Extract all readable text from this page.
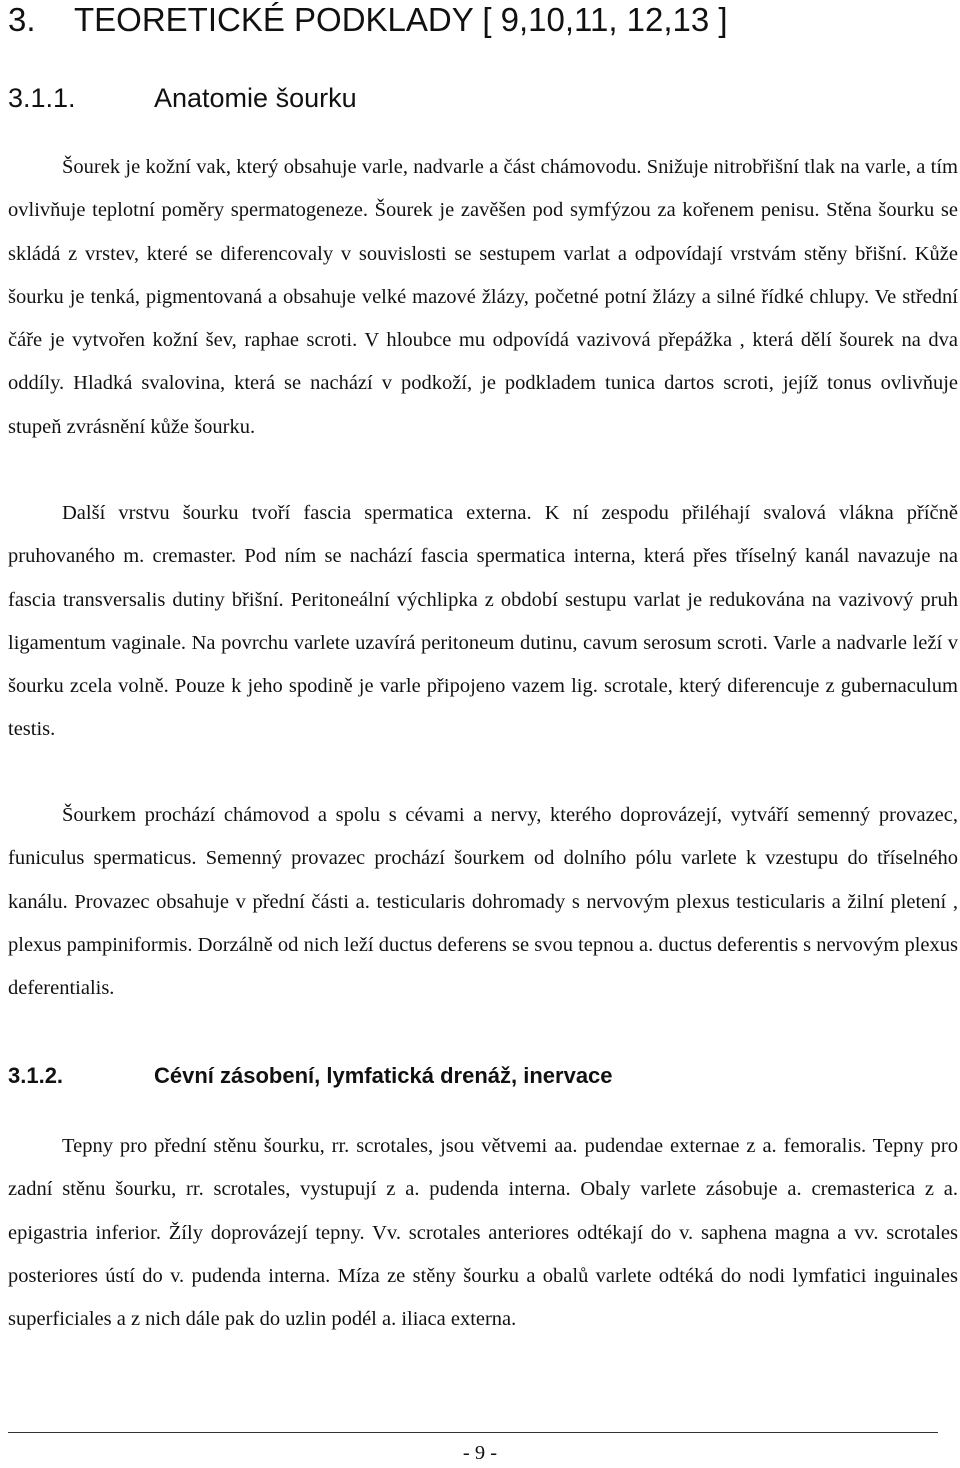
3. TEORETICKÉ PODKLADY [ 9,10,11, 12,13 ]
3.1.1.	Anatomie šourku

Šourek je kožní vak, který obsahuje varle, nadvarle a část chámovodu. Snižuje nitrobřišní tlak na varle, a tím ovlivňuje teplotní poměry spermatogeneze. Šourek je zavěšen pod symfýzou za kořenem penisu. Stěna šourku se skládá z vrstev, které se diferencovaly v souvislosti se sestupem varlat a odpovídají vrstvám stěny břišní. Kůže šourku je tenká, pigmentovaná a obsahuje velké mazové žlázy, početné potní žlázy a silné řídké chlupy. Ve střední čáře je vytvořen kožní šev, raphae scroti. V hloubce mu odpovídá vazivová přepážka , která dělí šourek na dva oddíly. Hladká svalovina, která se nachází v podkoží, je podkladem tunica dartos scroti, jejíž tonus ovlivňuje stupeň zvrásnění kůže šourku.

Další vrstvu šourku tvoří fascia spermatica externa. K ní zespodu přiléhají svalová vlákna příčně pruhovaného m. cremaster. Pod ním se nachází fascia spermatica interna, která přes tříselný kanál navazuje na fascia transversalis dutiny břišní. Peritoneální výchlipka z období sestupu varlat je redukována na vazivový pruh ligamentum vaginale. Na povrchu varlete uzavírá peritoneum dutinu, cavum serosum scroti. Varle a nadvarle leží v šourku zcela volně. Pouze k jeho spodině je varle připojeno vazem lig. scrotale, který diferencuje z gubernaculum testis.

Šourkem prochází chámovod a spolu s cévami a nervy, kterého doprovázejí, vytváří semenný provazec, funiculus spermaticus. Semenný provazec prochází šourkem od dolního pólu varlete k vzestupu do tříselného kanálu. Provazec obsahuje v přední části a. testicularis dohromady s nervovým plexus testicularis a žilní pletení , plexus pampiniformis. Dorzálně od nich leží ductus deferens se svou tepnou a. ductus deferentis s nervovým plexus deferentialis.

3.1.2.	Cévní zásobení, lymfatická drenáž, inervace

Tepny pro přední stěnu šourku, rr. scrotales, jsou větvemi aa. pudendae externae z a. femoralis. Tepny pro zadní stěnu šourku, rr. scrotales, vystupují z a. pudenda interna. Obaly varlete zásobuje a. cremasterica z a. epigastria inferior. Žíly doprovázejí tepny. Vv. scrotales anteriores odtékají do v. saphena magna a vv. scrotales posteriores ústí do v. pudenda interna. Míza ze stěny šourku a obalů varlete odtéká do nodi lymfatici inguinales superficiales a z nich dále pak do uzlin podél a. iliaca externa.

- 9 -
